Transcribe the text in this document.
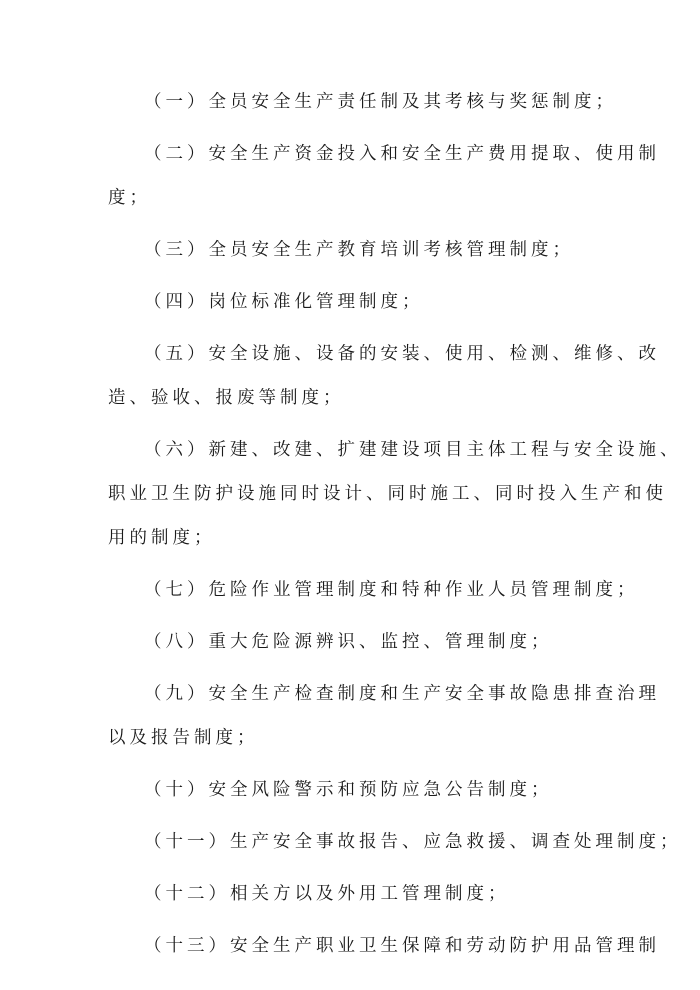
（一）全员安全生产责任制及其考核与奖惩制度；
（二）安全生产资金投入和安全生产费用提取、使用制
度；
（三）全员安全生产教育培训考核管理制度；
（四）岗位标准化管理制度；
（五）安全设施、设备的安装、使用、检测、维修、改
造、验收、报废等制度；
（六）新建、改建、扩建建设项目主体工程与安全设施、
职业卫生防护设施同时设计、同时施工、同时投入生产和使
用的制度；
（七）危险作业管理制度和特种作业人员管理制度；
（八）重大危险源辨识、监控、管理制度；
（九）安全生产检查制度和生产安全事故隐患排查治理
以及报告制度；
（十）安全风险警示和预防应急公告制度；
（十一）生产安全事故报告、应急救援、调查处理制度；
（十二）相关方以及外用工管理制度；
（十三）安全生产职业卫生保障和劳动防护用品管理制
